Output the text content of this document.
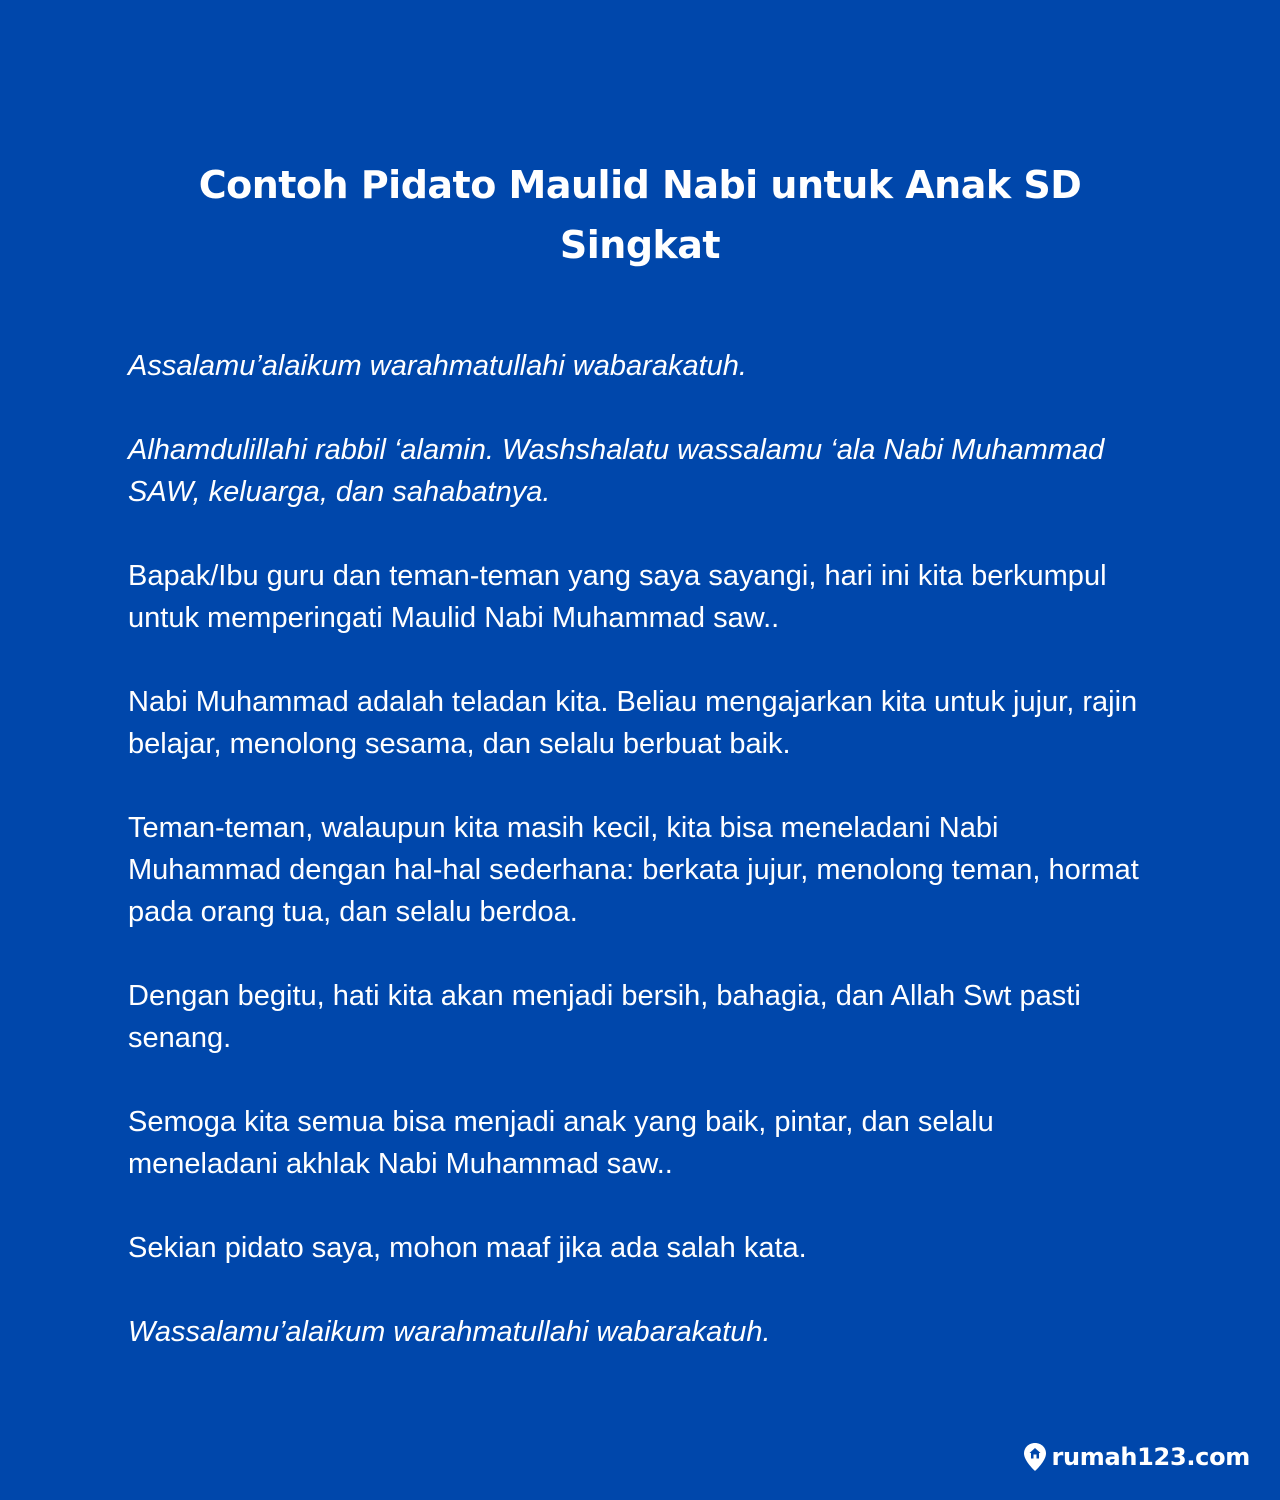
Contoh Pidato Maulid Nabi untuk Anak SD Singkat

Assalamu’alaikum warahmatullahi wabarakatuh.

Alhamdulillahi rabbil ‘alamin. Washshalatu wassalamu ‘ala Nabi Muhammad SAW, keluarga, dan sahabatnya.

Bapak/Ibu guru dan teman-teman yang saya sayangi, hari ini kita berkumpul untuk memperingati Maulid Nabi Muhammad saw..

Nabi Muhammad adalah teladan kita. Beliau mengajarkan kita untuk jujur, rajin belajar, menolong sesama, dan selalu berbuat baik.

Teman-teman, walaupun kita masih kecil, kita bisa meneladani Nabi Muhammad dengan hal-hal sederhana: berkata jujur, menolong teman, hormat pada orang tua, dan selalu berdoa.

Dengan begitu, hati kita akan menjadi bersih, bahagia, dan Allah Swt pasti senang.

Semoga kita semua bisa menjadi anak yang baik, pintar, dan selalu meneladani akhlak Nabi Muhammad saw..

Sekian pidato saya, mohon maaf jika ada salah kata.

Wassalamu’alaikum warahmatullahi wabarakatuh.

rumah123.com
